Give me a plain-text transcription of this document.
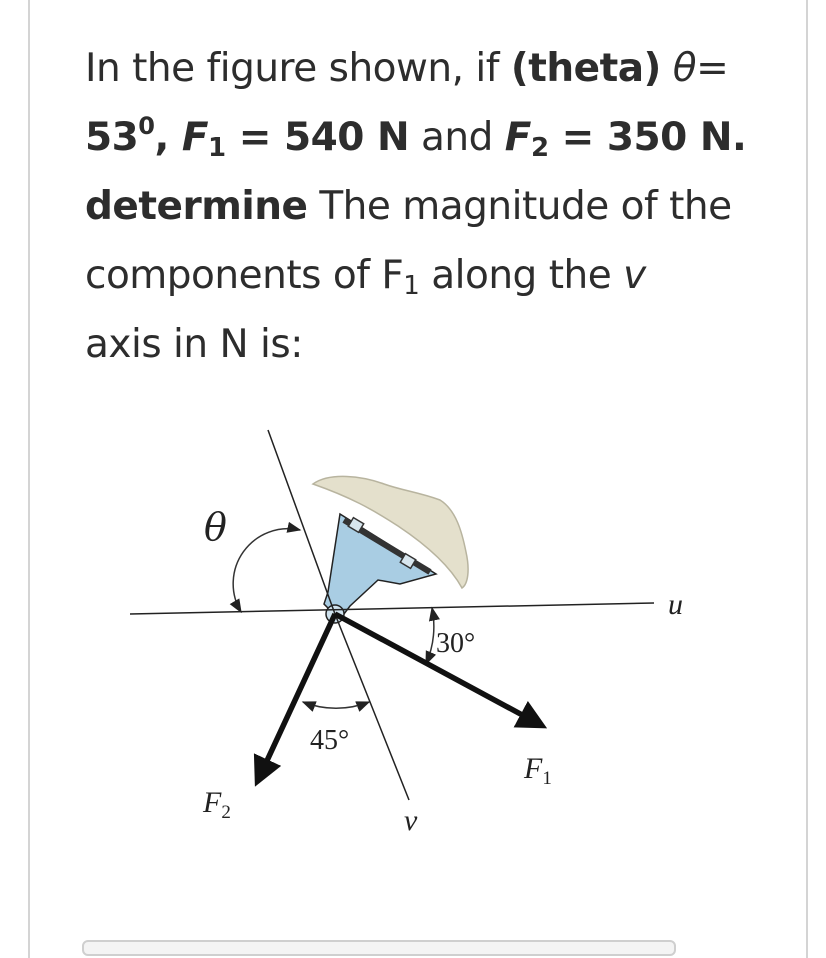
In the figure shown, if (theta) θ=
$53^0$, $F_1 = 540$ N and $F_2 = 350$ N.
determine The magnitude of the components of $F_1$ along the v
axis in N is:
θ
30°
45°
u
v
$F_1$
$F_2$
